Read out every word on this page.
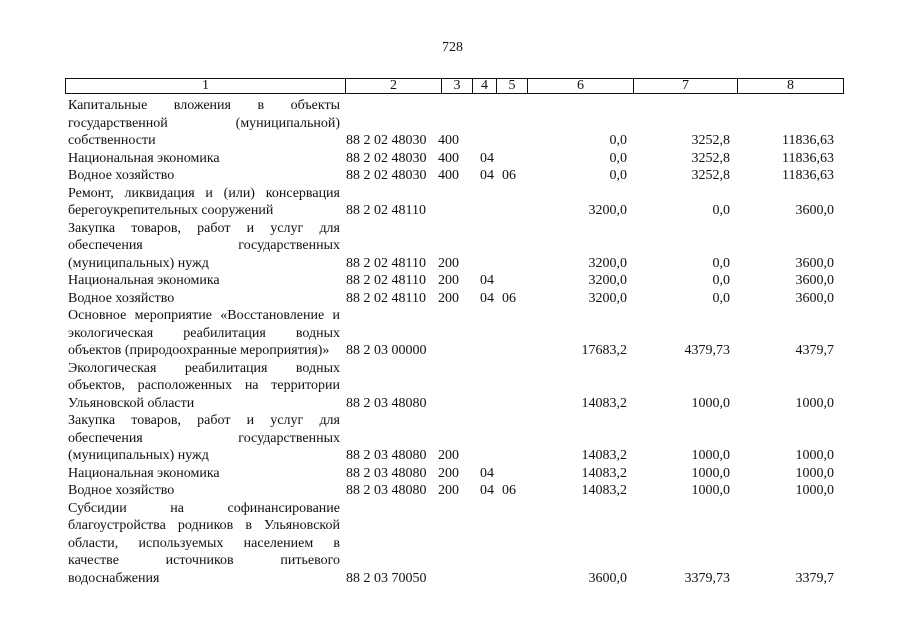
728
1	2	3	4	5	6	7	8
Капитальные вложения в объекты государственной (муниципальной) собственности	88 2 02 48030	400			0,0	3252,8	11836,63
Национальная экономика	88 2 02 48030	400	04		0,0	3252,8	11836,63
Водное хозяйство	88 2 02 48030	400	04	06	0,0	3252,8	11836,63
Ремонт, ликвидация и (или) консервация берегоукрепительных сооружений	88 2 02 48110				3200,0	0,0	3600,0
Закупка товаров, работ и услуг для обеспечения государственных (муниципальных) нужд	88 2 02 48110	200			3200,0	0,0	3600,0
Национальная экономика	88 2 02 48110	200	04		3200,0	0,0	3600,0
Водное хозяйство	88 2 02 48110	200	04	06	3200,0	0,0	3600,0
Основное мероприятие «Восстановление и экологическая реабилитация водных объектов (природоохранные мероприятия)»	88 2 03 00000				17683,2	4379,73	4379,7
Экологическая реабилитация водных объектов, расположенных на территории Ульяновской области	88 2 03 48080				14083,2	1000,0	1000,0
Закупка товаров, работ и услуг для обеспечения государственных (муниципальных) нужд	88 2 03 48080	200			14083,2	1000,0	1000,0
Национальная экономика	88 2 03 48080	200	04		14083,2	1000,0	1000,0
Водное хозяйство	88 2 03 48080	200	04	06	14083,2	1000,0	1000,0
Субсидии на софинансирование благоустройства родников в Ульяновской области, используемых населением в качестве источников питьевого водоснабжения	88 2 03 70050				3600,0	3379,73	3379,7
